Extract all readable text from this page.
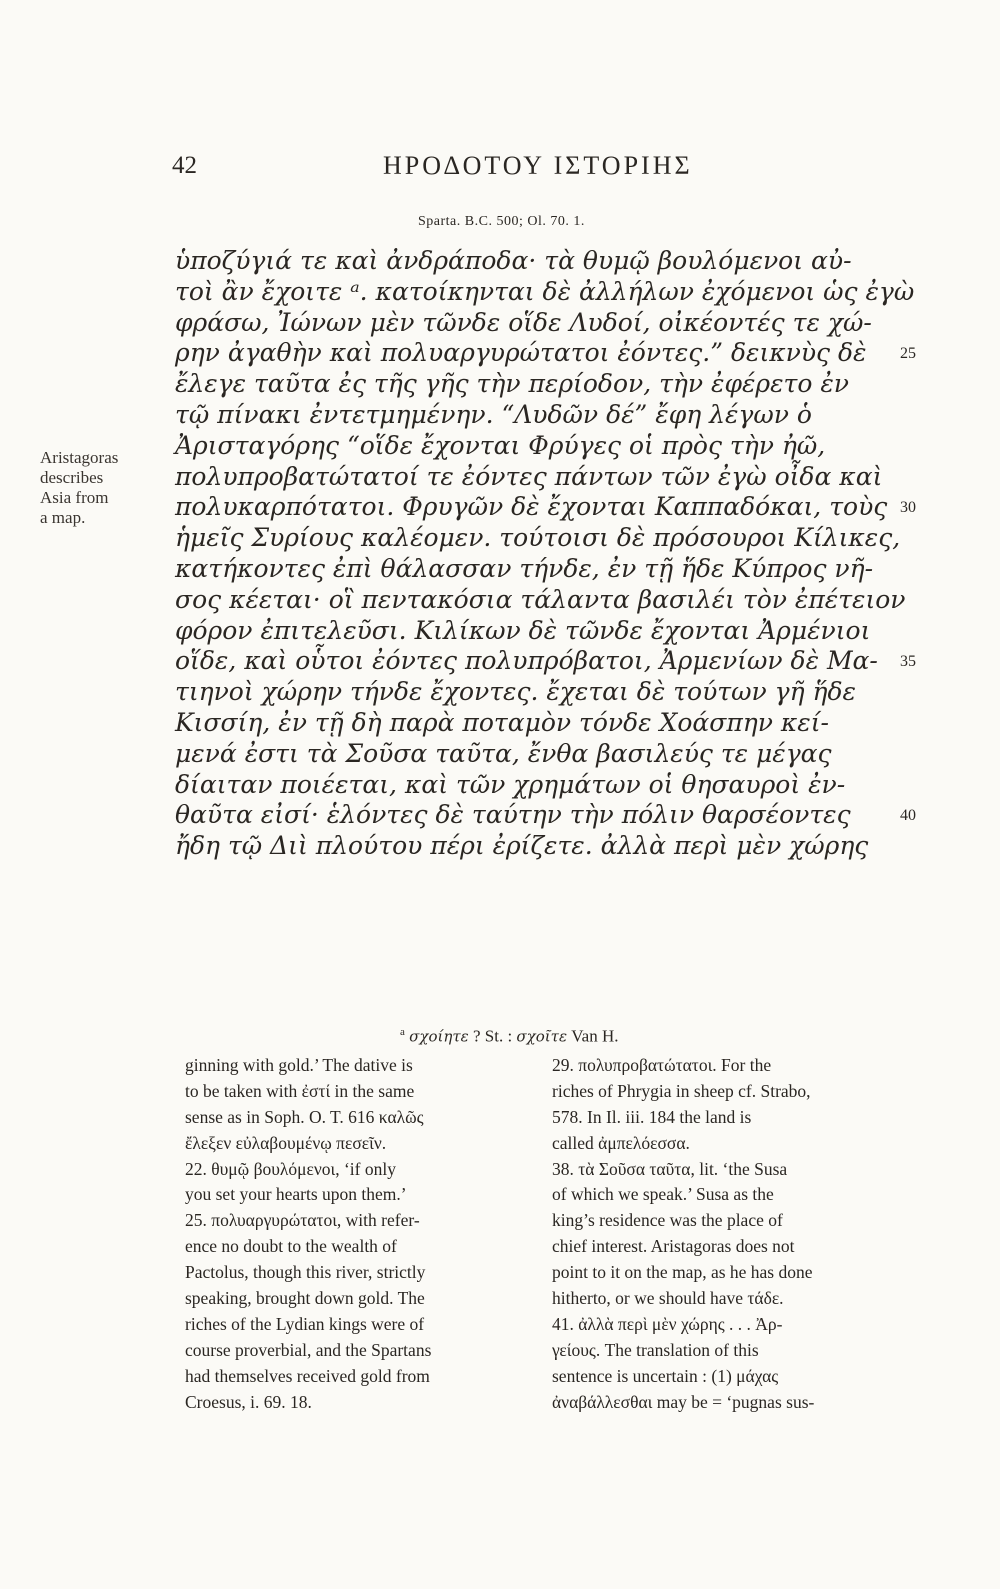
42	ΗΡΟΔΟΤΟΥ ΙΣΤΟΡΙΗΣ
Sparta. B.C. 500; Ol. 70. 1.
ὑποζύγιά τε καὶ ἀνδράποδα· τὰ θυμῷ βουλόμενοι αὐ-
τοὶ ἂν ἔχοιτε ᵃ. κατοίκηνται δὲ ἀλλήλων ἐχόμενοι ὡς ἐγὼ
φράσω, Ἰώνων μὲν τῶνδε οἵδε Λυδοί, οἰκέοντές τε χώ-
ρην ἀγαθὴν καὶ πολυαργυρώτατοι ἐόντες.” δεικνὺς δὲ	25
ἔλεγε ταῦτα ἐς τῆς γῆς τὴν περίοδον, τὴν ἐφέρετο ἐν
τῷ πίνακι ἐντετμημένην. “Λυδῶν δέ” ἔφη λέγων ὁ
Ἀρισταγόρης “οἵδε ἔχονται Φρύγες οἱ πρὸς τὴν ἠῶ,
πολυπροβατώτατοί τε ἐόντες πάντων τῶν ἐγὼ οἶδα καὶ
πολυκαρπότατοι. Φρυγῶν δὲ ἔχονται Καππαδόκαι, τοὺς 30
ἡμεῖς Συρίους καλέομεν. τούτοισι δὲ πρόσουροι Κίλικες,
κατήκοντες ἐπὶ θάλασσαν τήνδε, ἐν τῇ ἥδε Κύπρος νῆ-
σος κέεται· οἳ πεντακόσια τάλαντα βασιλέι τὸν ἐπέτειον
φόρον ἐπιτελεῦσι. Κιλίκων δὲ τῶνδε ἔχονται Ἀρμένιοι
οἵδε, καὶ οὗτοι ἐόντες πολυπρόβατοι, Ἀρμενίων δὲ Μα-	35
τιηνοὶ χώρην τήνδε ἔχοντες. ἔχεται δὲ τούτων γῆ ἥδε
Κισσίη, ἐν τῇ δὴ παρὰ ποταμὸν τόνδε Χοάσπην κεί-
μενά ἐστι τὰ Σοῦσα ταῦτα, ἔνθα βασιλεύς τε μέγας
δίαιταν ποιέεται, καὶ τῶν χρημάτων οἱ θησαυροὶ ἐν-
θαῦτα εἰσί· ἑλόντες δὲ ταύτην τὴν πόλιν θαρσέοντες	40
ἤδη τῷ Διὶ πλούτου πέρι ἐρίζετε. ἀλλὰ περὶ μὲν χώρης
Aristagoras
describes
Asia from
a map.
$^a$ σχοίητε ? St. : σχοῖτε Van H.
ginning with gold.’ The dative is
to be taken with ἐστί in the same
sense as in Soph. O. T. 616 καλῶς
ἔλεξεν εὐλαβουμένῳ πεσεῖν.
22. θυμῷ βουλόμενοι, ‘if only
you set your hearts upon them.’
25. πολυαργυρώτατοι, with refer-
ence no doubt to the wealth of
Pactolus, though this river, strictly
speaking, brought down gold. The
riches of the Lydian kings were of
course proverbial, and the Spartans
had themselves received gold from
Croesus, i. 69. 18.
29. πολυπροβατώτατοι. For the
riches of Phrygia in sheep cf. Strabo,
578. In Il. iii. 184 the land is
called ἀμπελόεσσα.
38. τὰ Σοῦσα ταῦτα, lit. ‘the Susa
of which we speak.’ Susa as the
king’s residence was the place of
chief interest. Aristagoras does not
point to it on the map, as he has done
hitherto, or we should have τάδε.
41. ἀλλὰ περὶ μὲν χώρης . . . Ἀρ-
γείους. The translation of this
sentence is uncertain : (1) μάχας
ἀναβάλλεσθαι may be = ‘pugnas sus-
